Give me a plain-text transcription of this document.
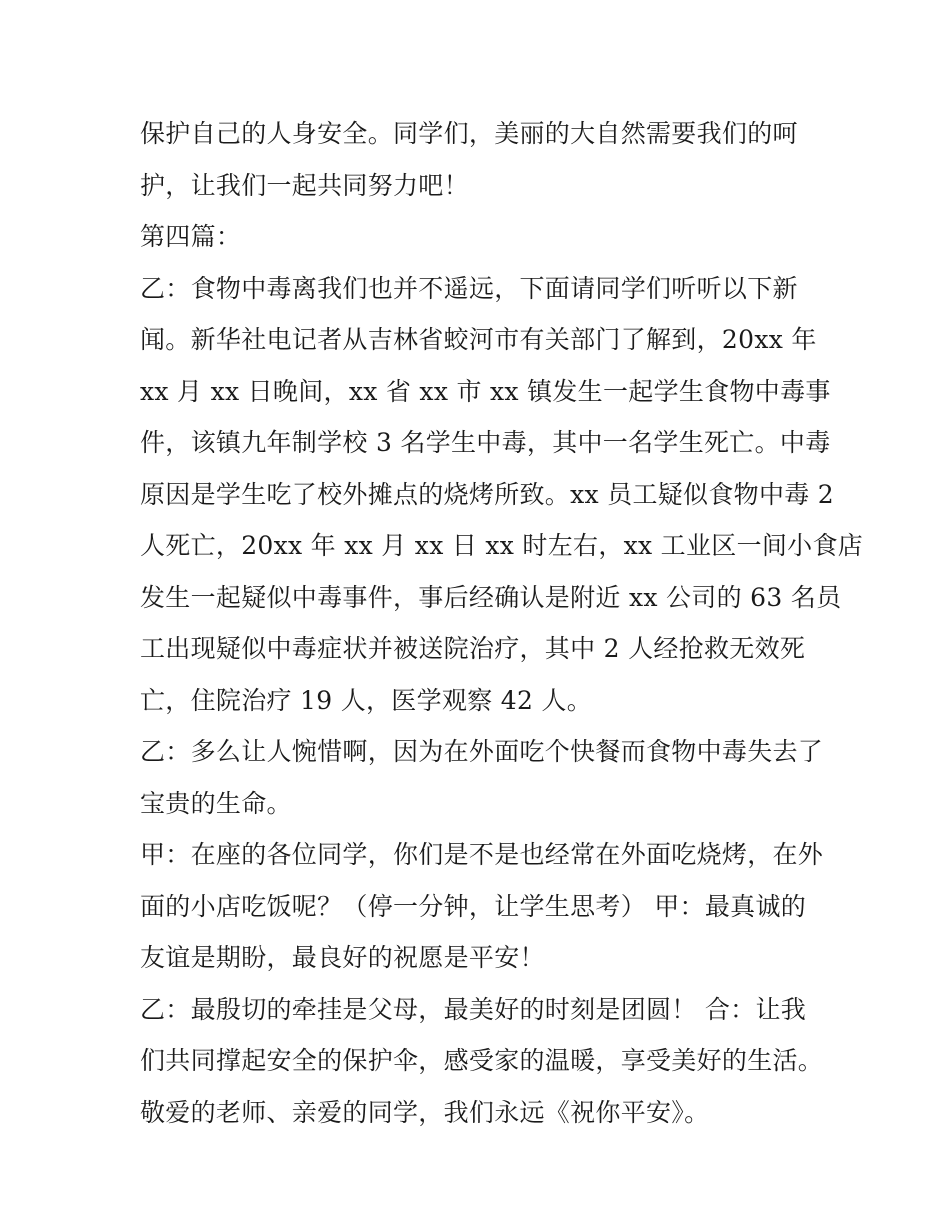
保护自己的人身安全。同学们，美丽的大自然需要我们的呵
护，让我们一起共同努力吧！
第四篇：
乙：食物中毒离我们也并不遥远，下面请同学们听听以下新
闻。新华社电记者从吉林省蛟河市有关部门了解到，20xx 年
xx 月 xx 日晚间，xx 省 xx 市 xx 镇发生一起学生食物中毒事
件，该镇九年制学校 3 名学生中毒，其中一名学生死亡。中毒
原因是学生吃了校外摊点的烧烤所致。xx 员工疑似食物中毒 2
人死亡，20xx 年 xx 月 xx 日 xx 时左右，xx 工业区一间小食店
发生一起疑似中毒事件，事后经确认是附近 xx 公司的 63 名员
工出现疑似中毒症状并被送院治疗，其中 2 人经抢救无效死
亡，住院治疗 19 人，医学观察 42 人。
乙：多么让人惋惜啊，因为在外面吃个快餐而食物中毒失去了
宝贵的生命。
甲：在座的各位同学，你们是不是也经常在外面吃烧烤，在外
面的小店吃饭呢？（停一分钟，让学生思考） 甲：最真诚的
友谊是期盼，最良好的祝愿是平安！
乙：最殷切的牵挂是父母，最美好的时刻是团圆！ 合：让我
们共同撑起安全的保护伞，感受家的温暖，享受美好的生活。
敬爱的老师、亲爱的同学，我们永远《祝你平安》。
